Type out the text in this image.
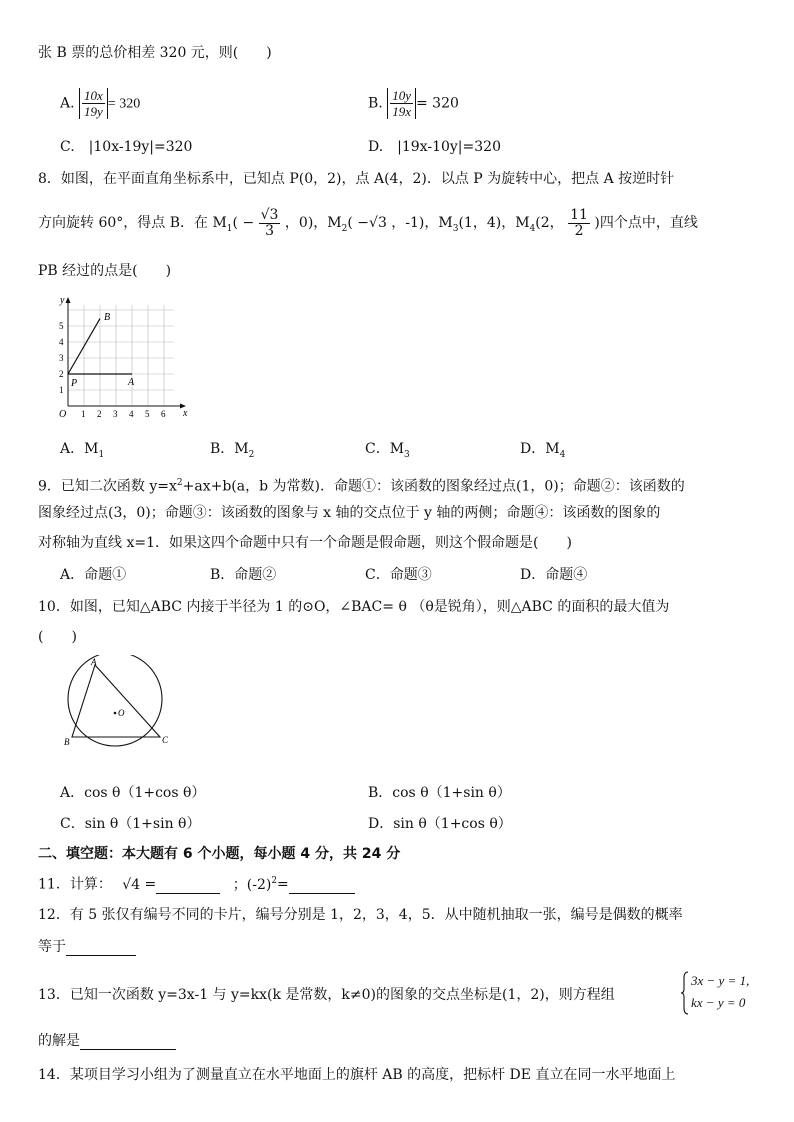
张 B 票的总价相差 320 元，则(　　)
A. $\frac{10x}{19y} = 320$	B. $\frac{10y}{19x} = 320$
C.　|10x-19y|=320	D.　|19x-10y|=320
8．如图，在平面直角坐标系中，已知点 P(0，2)，点 A(4，2)．以点 P 为旋转中心，把点 A 按逆时针
方向旋转 60°，得点 B．在 $M_1( - \frac{√3}{3}$ ，0)，$M_2( -√3$ ，-1)，$M_3(1$，4)，$M_4(2$， $\frac{11}{2}$ )四个点中，直线
PB 经过的点是(　　)
y
x
O 1 2 3 4 5 6
1
2
3
4
5
P	A
B
A．$M_1$	B．$M_2$	C．$M_3$	D．$M_4$
9．已知二次函数 $y=x^2+ax+b(a$，b 为常数)．命题①：该函数的图象经过点(1，0)；命题②：该函数的
图象经过点(3，0)；命题③：该函数的图象与 x 轴的交点位于 y 轴的两侧；命题④：该函数的图象的
对称轴为直线 x=1．如果这四个命题中只有一个命题是假命题，则这个假命题是(　　)
A．命题①	B．命题②	C．命题③	D．命题④
10．如图，已知△ABC 内接于半径为 1 的⊙O，∠BAC= θ （θ是锐角），则△ABC 的面积的最大值为
(　　)
A
B	C
O
A．cos θ（1+cos θ）	B．cos θ（1+sin θ）
C．sin θ（1+sin θ）	D．sin θ（1+cos θ）
二、填空题：本大题有 6 个小题，每小题 4 分，共 24 分
11．计算： √4 =	；$(-2)^2=$
12．有 5 张仅有编号不同的卡片，编号分别是 1，2，3，4，5．从中随机抽取一张，编号是偶数的概率
等于
13．已知一次函数 y=3x-1 与 y=kx(k 是常数，k≠0)的图象的交点坐标是(1，2)，则方程组
3x − y = 1,
kx − y = 0
的解是
14．某项目学习小组为了测量直立在水平地面上的旗杆 AB 的高度，把标杆 DE 直立在同一水平地面上
